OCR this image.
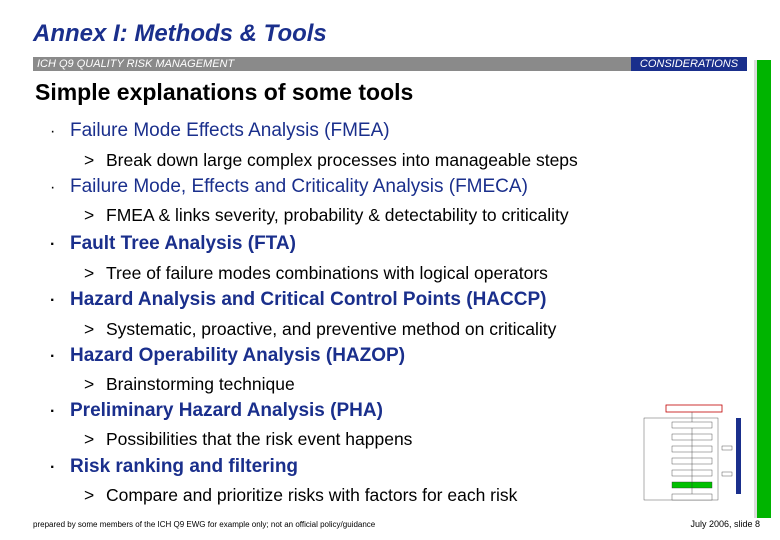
Annex I: Methods & Tools
ICH Q9 QUALITY RISK MANAGEMENT	CONSIDERATIONS
Simple explanations of some tools
· Failure Mode Effects Analysis (FMEA)
> Break down large complex processes into manageable steps
· Failure Mode, Effects and Criticality Analysis (FMECA)
> FMEA & links severity, probability & detectability to criticality
· Fault Tree Analysis (FTA)
> Tree of failure modes combinations with logical operators
· Hazard Analysis and Critical Control Points (HACCP)
> Systematic, proactive, and preventive method on criticality
· Hazard Operability Analysis (HAZOP)
> Brainstorming technique
· Preliminary Hazard Analysis (PHA)
> Possibilities that the risk event happens
· Risk ranking and filtering
> Compare and prioritize risks with factors for each risk
prepared by some members of the ICH Q9 EWG for example only; not an official policy/guidance	July 2006, slide 8
